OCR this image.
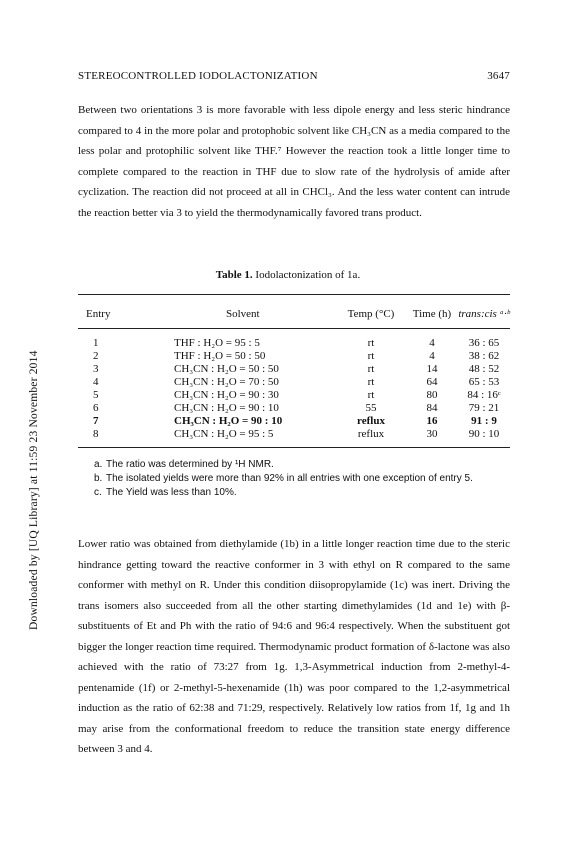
Downloaded by [UQ Library] at 11:59 23 November 2014
STEREOCONTROLLED IODOLACTONIZATION	3647
Between two orientations 3 is more favorable with less dipole energy and less steric hindrance compared to 4 in the more polar and protophobic solvent like CH₃CN as a media compared to the less polar and protophilic solvent like THF.⁷ However the reaction took a little longer time to complete compared to the reaction in THF due to slow rate of the hydrolysis of amide after cyclization. The reaction did not proceed at all in CHCl₃. And the less water content can intrude the reaction better via 3 to yield the thermodynamically favored trans product.
Table 1. Iodolactonization of 1a.
Entry	Solvent	Temp (°C)	Time (h) trans:cis ᵃ·ᵇ
1	THF : H₂O = 95 : 5	rt	4	36 : 65
2	THF : H₂O = 50 : 50	rt	4	38 : 62
3	CH₃CN : H₂O = 50 : 50	rt	14	48 : 52
4	CH₃CN : H₂O = 70 : 50	rt	64	65 : 53
5	CH₃CN : H₂O = 90 : 30	rt	80	84 : 16ᶜ
6	CH₃CN : H₂O = 90 : 10	55	84	79 : 21
7	CH₃CN : H₂O = 90 : 10	reflux	16	91 : 9
8	CH₃CN : H₂O = 95 : 5	reflux	30	90 : 10
a. The ratio was determined by ¹H NMR.
b. The isolated yields were more than 92% in all entries with one exception of entry 5.
c. The Yield was less than 10%.
Lower ratio was obtained from diethylamide (1b) in a little longer reaction time due to the steric hindrance getting toward the reactive conformer in 3 with ethyl on R compared to the same conformer with methyl on R. Under this condition diisopropylamide (1c) was inert. Driving the trans isomers also succeeded from all the other starting dimethylamides (1d and 1e) with β-substituents of Et and Ph with the ratio of 94:6 and 96:4 respectively. When the substituent got bigger the longer reaction time required. Thermodynamic product formation of δ-lactone was also achieved with the ratio of 73:27 from 1g. 1,3-Asymmetrical induction from 2-methyl-4-pentenamide (1f) or 2-methyl-5-hexenamide (1h) was poor compared to the 1,2-asymmetrical induction as the ratio of 62:38 and 71:29, respectively. Relatively low ratios from 1f, 1g and 1h may arise from the conformational freedom to reduce the transition state energy difference between 3 and 4.
